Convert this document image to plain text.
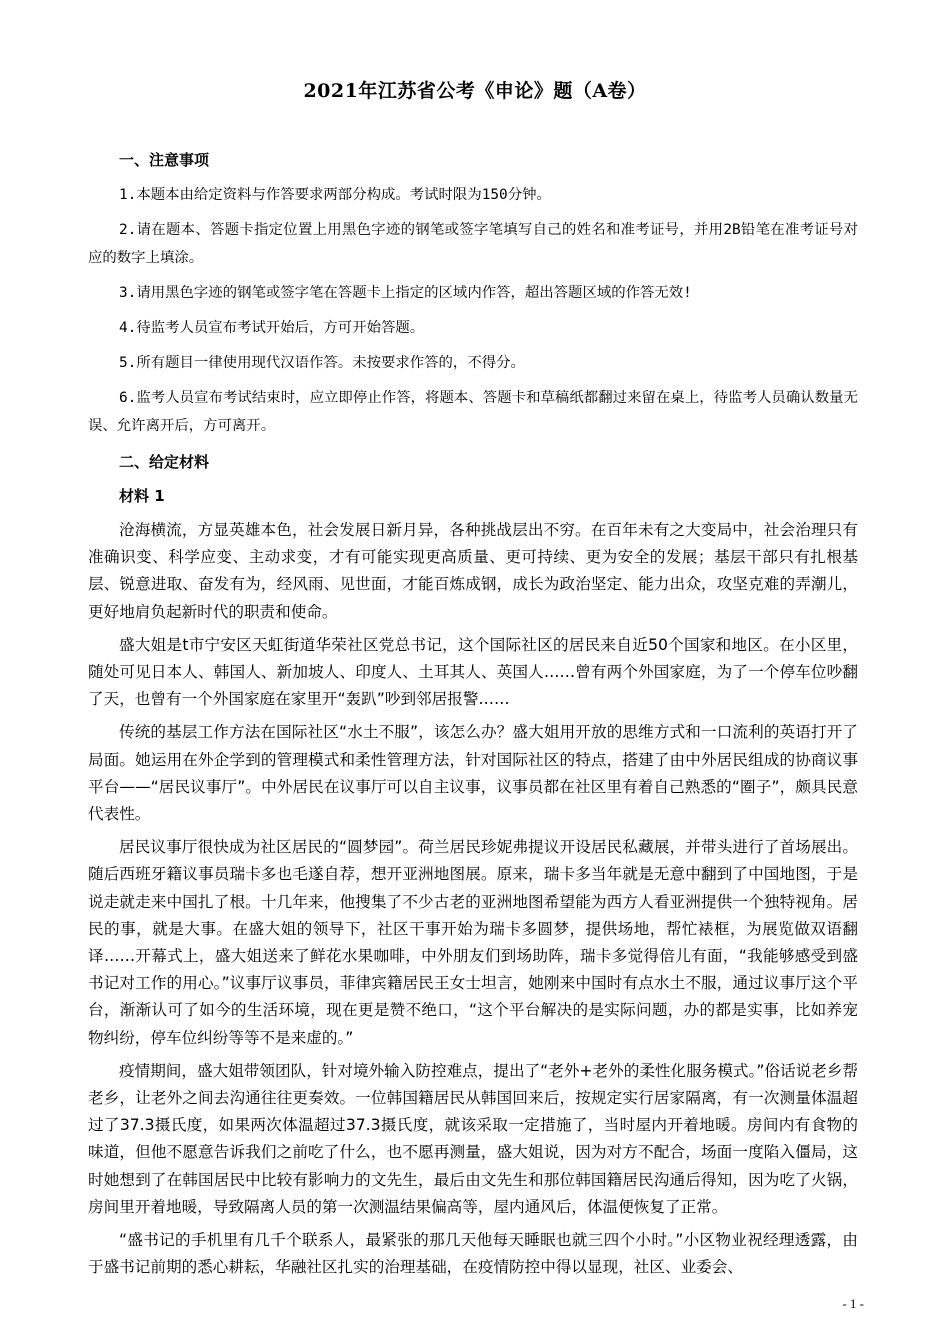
2021年江苏省公考《申论》题（A卷）
一、注意事项

1.本题本由给定资料与作答要求两部分构成。考试时限为150分钟。

2.请在题本、答题卡指定位置上用黑色字迹的钢笔或签字笔填写自己的姓名和准考证号，并用2B铅笔在准考证号对应的数字上填涂。

3.请用黑色字迹的钢笔或签字笔在答题卡上指定的区域内作答，超出答题区域的作答无效!

4.待监考人员宣布考试开始后，方可开始答题。

5.所有题目一律使用现代汉语作答。未按要求作答的，不得分。

6.监考人员宣布考试结束时，应立即停止作答，将题本、答题卡和草稿纸都翻过来留在桌上，待监考人员确认数量无误、允许离开后，方可离开。

二、给定材料
材料 1

沧海横流，方显英雄本色，社会发展日新月异，各种挑战层出不穷。在百年未有之大变局中，社会治理只有准确识变、科学应变、主动求变，才有可能实现更高质量、更可持续、更为安全的发展；基层干部只有扎根基层、锐意进取、奋发有为，经风雨、见世面，才能百炼成钢，成长为政治坚定、能力出众，攻坚克难的弄潮儿，更好地肩负起新时代的职责和使命。

盛大姐是t市宁安区天虹街道华荣社区党总书记，这个国际社区的居民来自近50个国家和地区。在小区里，随处可见日本人、韩国人、新加坡人、印度人、土耳其人、英国人……曾有两个外国家庭，为了一个停车位吵翻了天，也曾有一个外国家庭在家里开“轰趴”吵到邻居报警……

传统的基层工作方法在国际社区“水土不服”，该怎么办？盛大姐用开放的思维方式和一口流利的英语打开了局面。她运用在外企学到的管理模式和柔性管理方法，针对国际社区的特点，搭建了由中外居民组成的协商议事平台——“居民议事厅”。中外居民在议事厅可以自主议事，议事员都在社区里有着自己熟悉的“圈子”，颇具民意代表性。

居民议事厅很快成为社区居民的“圆梦园”。荷兰居民珍妮弗提议开设居民私藏展，并带头进行了首场展出。随后西班牙籍议事员瑞卡多也毛遂自荐，想开亚洲地图展。原来，瑞卡多当年就是无意中翻到了中国地图，于是说走就走来中国扎了根。十几年来，他搜集了不少古老的亚洲地图希望能为西方人看亚洲提供一个独特视角。居民的事，就是大事。在盛大姐的领导下，社区干事开始为瑞卡多圆梦，提供场地，帮忙裱框，为展览做双语翻译……开幕式上，盛大姐送来了鲜花水果咖啡，中外朋友们到场助阵，瑞卡多觉得倍儿有面，“我能够感受到盛书记对工作的用心。”议事厅议事员，菲律宾籍居民王女士坦言，她刚来中国时有点水土不服，通过议事厅这个平台，渐渐认可了如今的生活环境，现在更是赞不绝口，“这个平台解决的是实际问题，办的都是实事，比如养宠物纠纷，停车位纠纷等等不是来虚的。”

疫情期间，盛大姐带领团队，针对境外输入防控难点，提出了“老外+老外的柔性化服务模式。”俗话说老乡帮老乡，让老外之间去沟通往往更奏效。一位韩国籍居民从韩国回来后，按规定实行居家隔离，有一次测量体温超过了37.3摄氏度，如果两次体温超过37.3摄氏度，就该采取一定措施了，当时屋内开着地暖。房间内有食物的味道，但他不愿意告诉我们之前吃了什么，也不愿再测量，盛大姐说，因为对方不配合，场面一度陷入僵局，这时她想到了在韩国居民中比较有影响力的文先生，最后由文先生和那位韩国籍居民沟通后得知，因为吃了火锅，房间里开着地暖，导致隔离人员的第一次测温结果偏高等，屋内通风后，体温便恢复了正常。

“盛书记的手机里有几千个联系人，最紧张的那几天他每天睡眠也就三四个小时。”小区物业祝经理透露，由于盛书记前期的悉心耕耘，华融社区扎实的治理基础，在疫情防控中得以显现，社区、业委会、

- 1 -
